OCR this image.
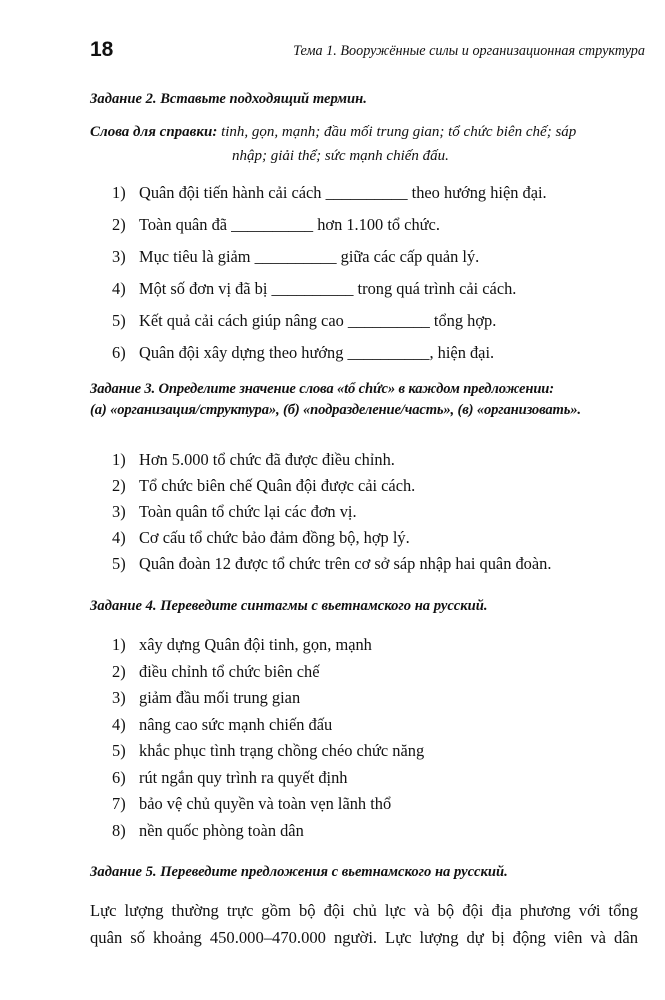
18	Тема 1. Вооружённые силы и организационная структура
Задание 2. Вставьте подходящий термин.
Слова для справки: tinh, gọn, mạnh; đầu mối trung gian; tổ chức biên chế; sáp
nhập; giải thể; sức mạnh chiến đấu.
1) Quân đội tiến hành cải cách __________ theo hướng hiện đại.
2) Toàn quân đã __________ hơn 1.100 tổ chức.
3) Mục tiêu là giảm __________ giữa các cấp quản lý.
4) Một số đơn vị đã bị __________ trong quá trình cải cách.
5) Kết quả cải cách giúp nâng cao __________ tổng hợp.
6) Quân đội xây dựng theo hướng __________, hiện đại.
Задание 3. Определите значение слова «tổ chức» в каждом предложении:
(а) «организация/структура», (б) «подразделение/часть», (в) «организовать».
1) Hơn 5.000 tổ chức đã được điều chỉnh.
2) Tổ chức biên chế Quân đội được cải cách.
3) Toàn quân tổ chức lại các đơn vị.
4) Cơ cấu tổ chức bảo đảm đồng bộ, hợp lý.
5) Quân đoàn 12 được tổ chức trên cơ sở sáp nhập hai quân đoàn.
Задание 4. Переведите синтагмы с вьетнамского на русский.
1) xây dựng Quân đội tinh, gọn, mạnh
2) điều chỉnh tổ chức biên chế
3) giảm đầu mối trung gian
4) nâng cao sức mạnh chiến đấu
5) khắc phục tình trạng chồng chéo chức năng
6) rút ngắn quy trình ra quyết định
7) bảo vệ chủ quyền và toàn vẹn lãnh thổ
8) nền quốc phòng toàn dân
Задание 5. Переведите предложения с вьетнамского на русский.
Lực lượng thường trực gồm bộ đội chủ lực và bộ đội địa phương với tổng
quân số khoảng 450.000–470.000 người. Lực lượng dự bị động viên và dân
